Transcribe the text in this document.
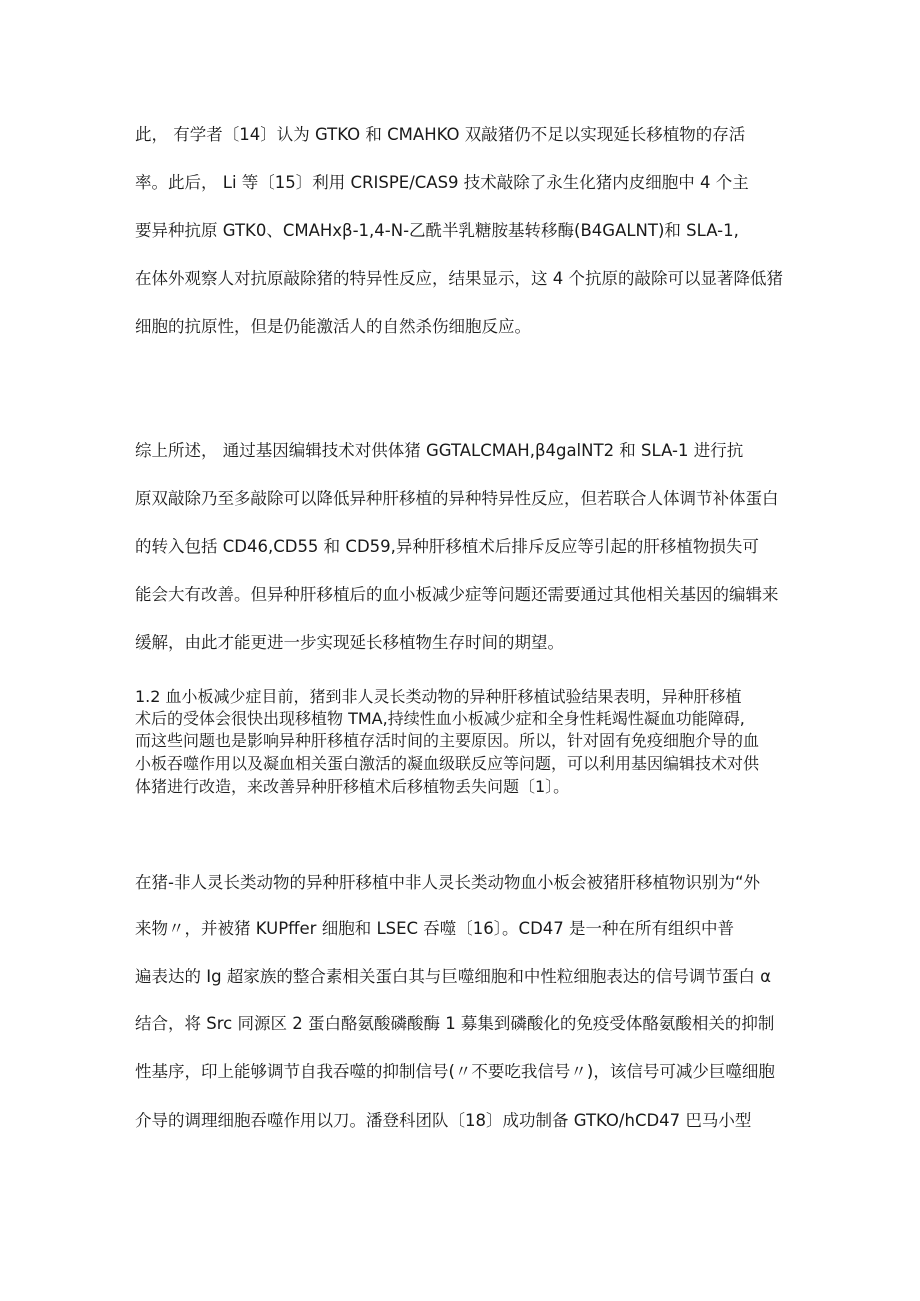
此， 有学者〔14〕认为 GTKO 和 CMAHKO 双敲猪仍不足以实现延长移植物的存活
率。此后， Li 等〔15〕利用 CRISPE/CAS9 技术敲除了永生化猪内皮细胞中 4 个主
要异种抗原 GTK0、CMAHxβ-1,4-N-乙酰半乳糖胺基转移酶(B4GALNT)和 SLA-1,
在体外观察人对抗原敲除猪的特异性反应，结果显示，这 4 个抗原的敲除可以显著降低猪
细胞的抗原性，但是仍能激活人的自然杀伤细胞反应。
综上所述， 通过基因编辑技术对供体猪 GGTALCMAH,β4galNT2 和 SLA-1 进行抗
原双敲除乃至多敲除可以降低异种肝移植的异种特异性反应，但若联合人体调节补体蛋白
的转入包括 CD46,CD55 和 CD59,异种肝移植术后排斥反应等引起的肝移植物损失可
能会大有改善。但异种肝移植后的血小板减少症等问题还需要通过其他相关基因的编辑来
缓解，由此才能更进一步实现延长移植物生存时间的期望。
1.2 血小板减少症目前，猪到非人灵长类动物的异种肝移植试验结果表明，异种肝移植
术后的受体会很快出现移植物 TMA,持续性血小板减少症和全身性耗竭性凝血功能障碍,
而这些问题也是影响异种肝移植存活时间的主要原因。所以，针对固有免疫细胞介导的血
小板吞噬作用以及凝血相关蛋白激活的凝血级联反应等问题，可以利用基因编辑技术对供
体猪进行改造，来改善异种肝移植术后移植物丢失问题〔1〕。
在猪-非人灵长类动物的异种肝移植中非人灵长类动物血小板会被猪肝移植物识别为“外
来物〃，并被猪 KUPffer 细胞和 LSEC 吞噬〔16〕。CD47 是一种在所有组织中普
遍表达的 Ig 超家族的整合素相关蛋白其与巨噬细胞和中性粒细胞表达的信号调节蛋白 α
结合，将 Src 同源区 2 蛋白酪氨酸磷酸酶 1 募集到磷酸化的免疫受体酪氨酸相关的抑制
性基序，印上能够调节自我吞噬的抑制信号(〃不要吃我信号〃)，该信号可减少巨噬细胞
介导的调理细胞吞噬作用以刀。潘登科团队〔18〕成功制备 GTKO/hCD47 巴马小型
